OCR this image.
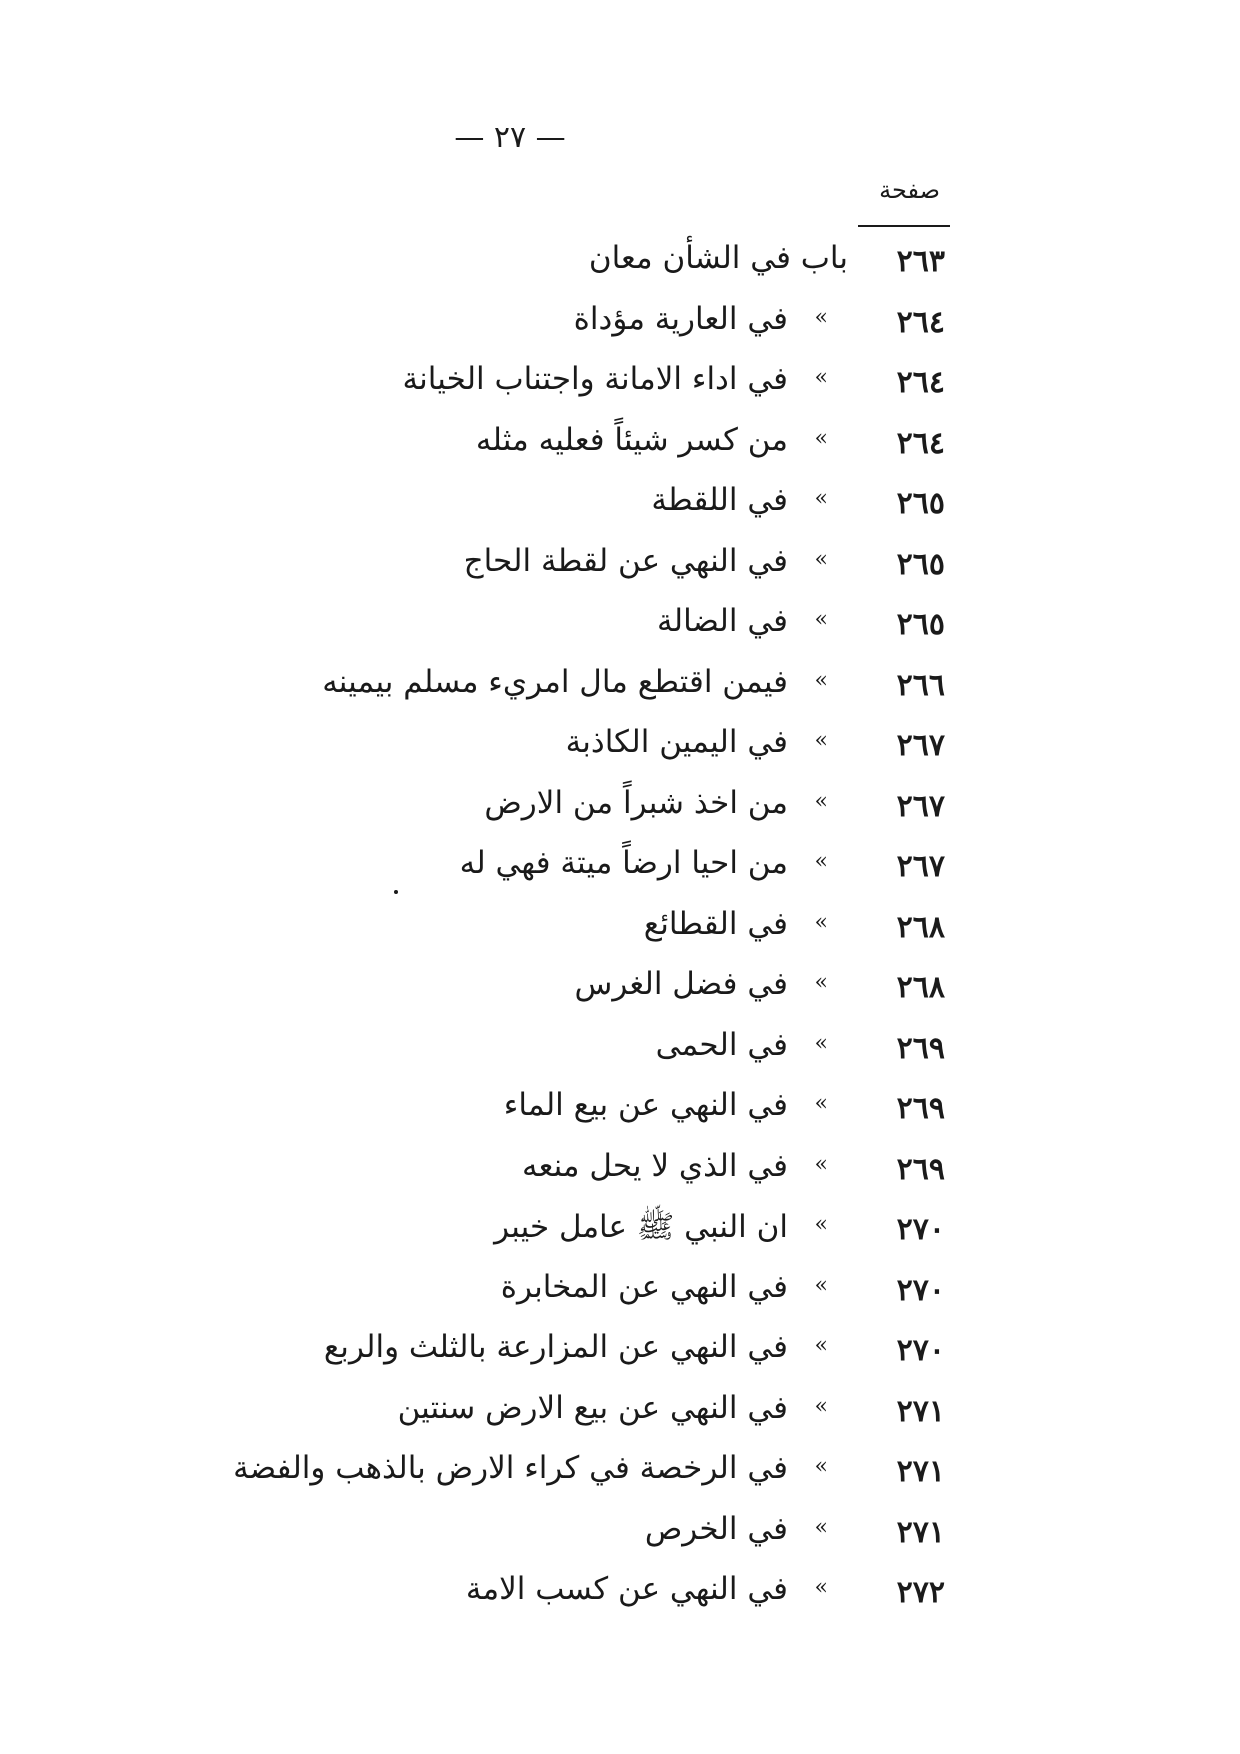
— ٢٧ —
صفحة
٢٦٣
باب في الشأن معان
٢٦٤
»
في العارية مؤداة
٢٦٤
»
في اداء الامانة واجتناب الخيانة
٢٦٤
»
من كسر شيئاً فعليه مثله
٢٦٥
»
في اللقطة
٢٦٥
»
في النهي عن لقطة الحاج
٢٦٥
»
في الضالة
٢٦٦
»
فيمن اقتطع مال امريء مسلم بيمينه
٢٦٧
»
في اليمين الكاذبة
٢٦٧
»
من اخذ شبراً من الارض
٢٦٧
»
من احيا ارضاً ميتة فهي له
٢٦٨
»
في القطائع
٢٦٨
»
في فضل الغرس
٢٦٩
»
في الحمى
٢٦٩
»
في النهي عن بيع الماء
٢٦٩
»
في الذي لا يحل منعه
٢٧٠
»
ان النبي ﷺ عامل خيبر
٢٧٠
»
في النهي عن المخابرة
٢٧٠
»
في النهي عن المزارعة بالثلث والربع
٢٧١
»
في النهي عن بيع الارض سنتين
٢٧١
»
في الرخصة في كراء الارض بالذهب والفضة
٢٧١
»
في الخرص
٢٧٢
»
في النهي عن كسب الامة
